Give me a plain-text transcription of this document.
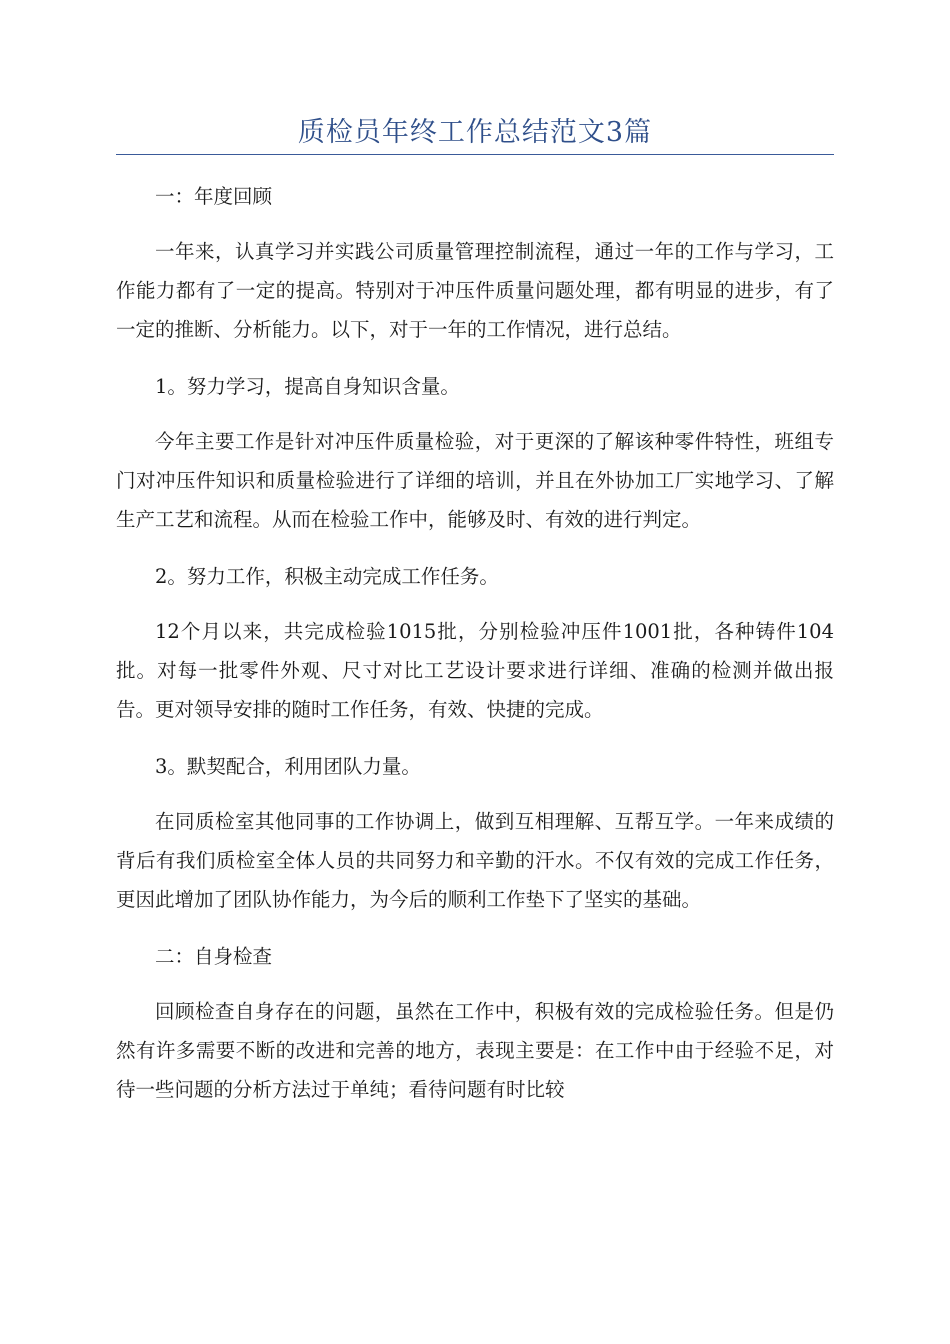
质检员年终工作总结范文3篇

一：年度回顾

一年来，认真学习并实践公司质量管理控制流程，通过一年的工作与学习，工作能力都有了一定的提高。特别对于冲压件质量问题处理，都有明显的进步，有了一定的推断、分析能力。以下，对于一年的工作情况，进行总结。

1。努力学习，提高自身知识含量。

今年主要工作是针对冲压件质量检验，对于更深的了解该种零件特性，班组专门对冲压件知识和质量检验进行了详细的培训，并且在外协加工厂实地学习、了解生产工艺和流程。从而在检验工作中，能够及时、有效的进行判定。

2。努力工作，积极主动完成工作任务。

12个月以来，共完成检验1015批，分别检验冲压件1001批，各种铸件104批。对每一批零件外观、尺寸对比工艺设计要求进行详细、准确的检测并做出报告。更对领导安排的随时工作任务，有效、快捷的完成。

3。默契配合，利用团队力量。

在同质检室其他同事的工作协调上，做到互相理解、互帮互学。一年来成绩的背后有我们质检室全体人员的共同努力和辛勤的汗水。不仅有效的完成工作任务，更因此增加了团队协作能力，为今后的顺利工作垫下了坚实的基础。

二：自身检查

回顾检查自身存在的问题，虽然在工作中，积极有效的完成检验任务。但是仍然有许多需要不断的改进和完善的地方，表现主要是：在工作中由于经验不足，对待一些问题的分析方法过于单纯；看待问题有时比较
